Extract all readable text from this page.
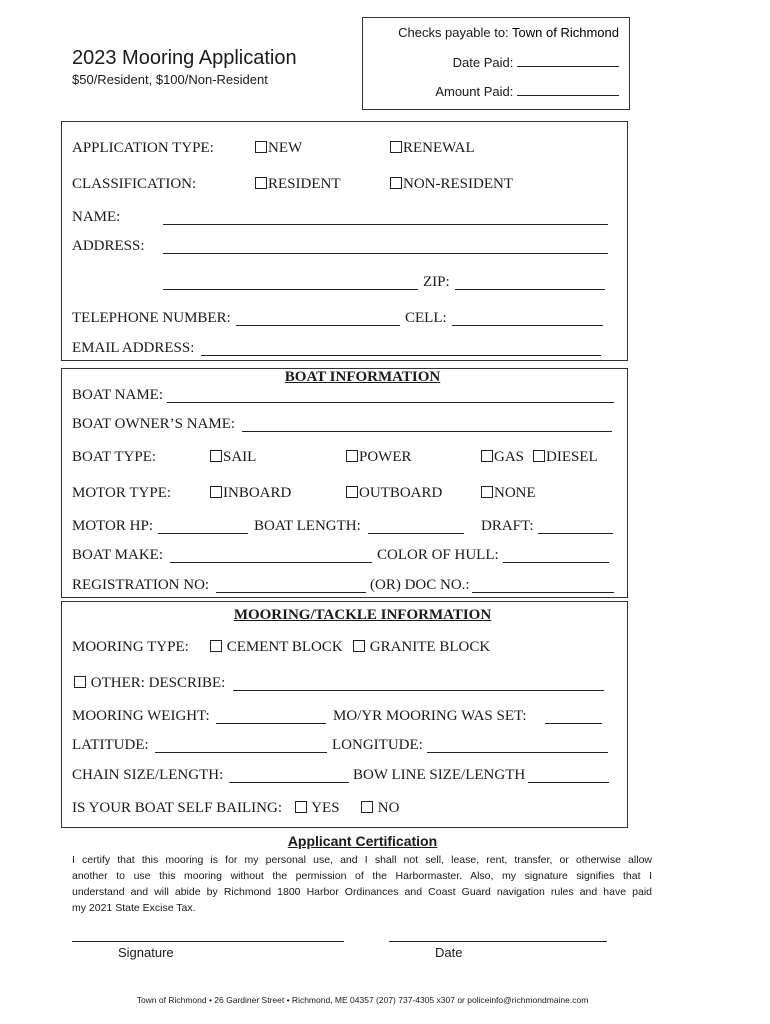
2023 Mooring Application
$50/Resident, $100/Non-Resident
Checks payable to: Town of Richmond
Date Paid:
Amount Paid:
APPLICATION TYPE:	NEW	RENEWAL
CLASSIFICATION:	RESIDENT	NON-RESIDENT
NAME:
ADDRESS:
ZIP:
TELEPHONE NUMBER:	CELL:
EMAIL ADDRESS:
BOAT INFORMATION
BOAT NAME:
BOAT OWNER’S NAME:
BOAT TYPE:	SAIL	POWER	GAS	DIESEL
MOTOR TYPE:	INBOARD	OUTBOARD	NONE
MOTOR HP:	BOAT LENGTH:	DRAFT:
BOAT MAKE:	COLOR OF HULL:
REGISTRATION NO:	(OR) DOC NO.:
MOORING/TACKLE INFORMATION
MOORING TYPE:	CEMENT BLOCK	GRANITE BLOCK
OTHER: DESCRIBE:
MOORING WEIGHT:	MO/YR MOORING WAS SET:
LATITUDE:	LONGITUDE:
CHAIN SIZE/LENGTH:	BOW LINE SIZE/LENGTH
IS YOUR BOAT SELF BAILING:	YES	NO
Applicant Certification
I certify that this mooring is for my personal use, and I shall not sell, lease, rent, transfer, or otherwise allow
another to use this mooring without the permission of the Harbormaster. Also, my signature signifies that I
understand and will abide by Richmond 1800 Harbor Ordinances and Coast Guard navigation rules and have paid
my 2021 State Excise Tax.
Signature	Date
Town of Richmond • 26 Gardiner Street • Richmond, ME 04357 (207) 737-4305 x307 or policeinfo@richmondmaine.com
